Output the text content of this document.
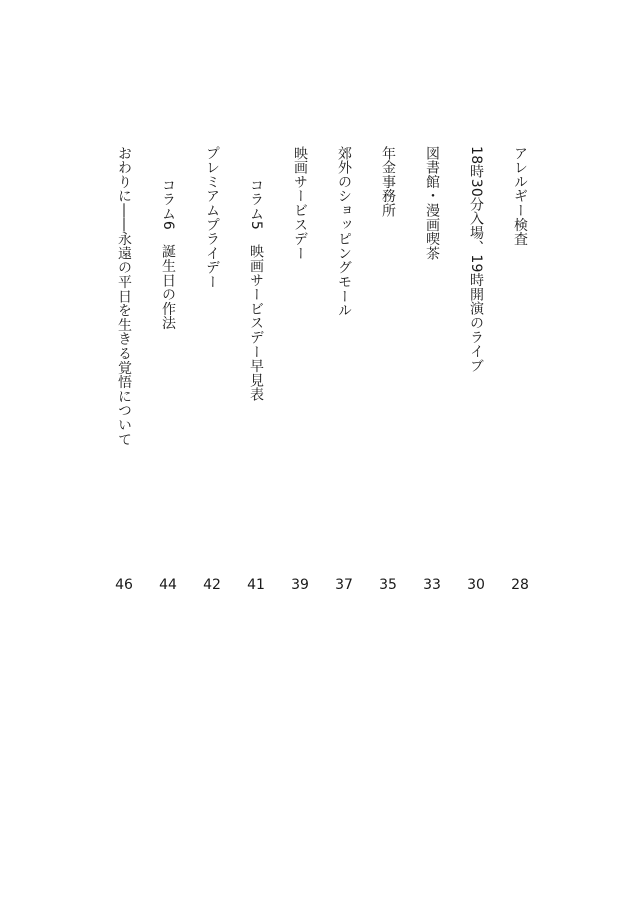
アレルギー検査
28
18時30分入場、19時開演のライブ
30
図書館・漫画喫茶
33
年金事務所
35
郊外のショッピングモール
37
映画サービスデー
39
コラム5　映画サービスデー早見表
41
プレミアムプライデー
42
コラム6　誕生日の作法
44
おわりに――永遠の平日を生きる覚悟について
46
